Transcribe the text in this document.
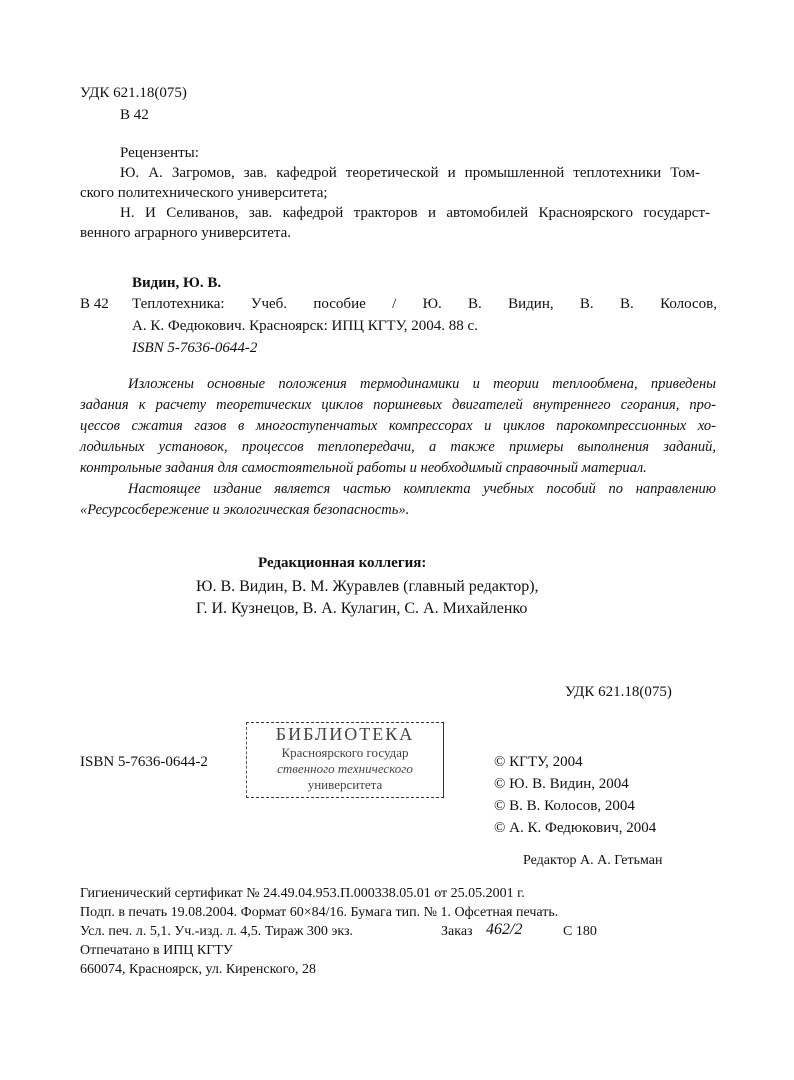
УДК 621.18(075)
В 42
Рецензенты:
Ю. А. Загромов, зав. кафедрой теоретической и промышленной теплотехники Том-
ского политехнического университета;
Н. И Селиванов, зав. кафедрой тракторов и автомобилей Красноярского государст-
венного аграрного университета.
Видин, Ю. В.
В 42 Теплотехника: Учеб. пособие / Ю. В. Видин, В. В. Колосов,
А. К. Федюкович. Красноярск: ИПЦ КГТУ, 2004. 88 с.
ISBN 5-7636-0644-2
Изложены основные положения термодинамики и теории теплообмена, приведены
задания к расчету теоретических циклов поршневых двигателей внутреннего сгорания, про-
цессов сжатия газов в многоступенчатых компрессорах и циклов парокомпрессионных хо-
лодильных установок, процессов теплопередачи, а также примеры выполнения заданий,
контрольные задания для самостоятельной работы и необходимый справочный материал.
Настоящее издание является частью комплекта учебных пособий по направлению
«Ресурсосбережение и экологическая безопасность».
Редакционная коллегия:
Ю. В. Видин, В. М. Журавлев (главный редактор),
Г. И. Кузнецов, В. А. Кулагин, С. А. Михайленко
УДК 621.18(075)
ISBN 5-7636-0644-2
БИБЛИОТЕКА
Красноярского государ
ственного технического
университета
© КГТУ, 2004
© Ю. В. Видин, 2004
© В. В. Колосов, 2004
© А. К. Федюкович, 2004
Редактор А. А. Гетьман
Гигиенический сертификат № 24.49.04.953.П.000338.05.01 от 25.05.2001 г.
Подп. в печать 19.08.2004. Формат 60×84/16. Бумага тип. № 1. Офсетная печать.
Усл. печ. л. 5,1. Уч.-изд. л. 4,5. Тираж 300 экз.	Заказ 462/2	С 180
Отпечатано в ИПЦ КГТУ
660074, Красноярск, ул. Киренского, 28
